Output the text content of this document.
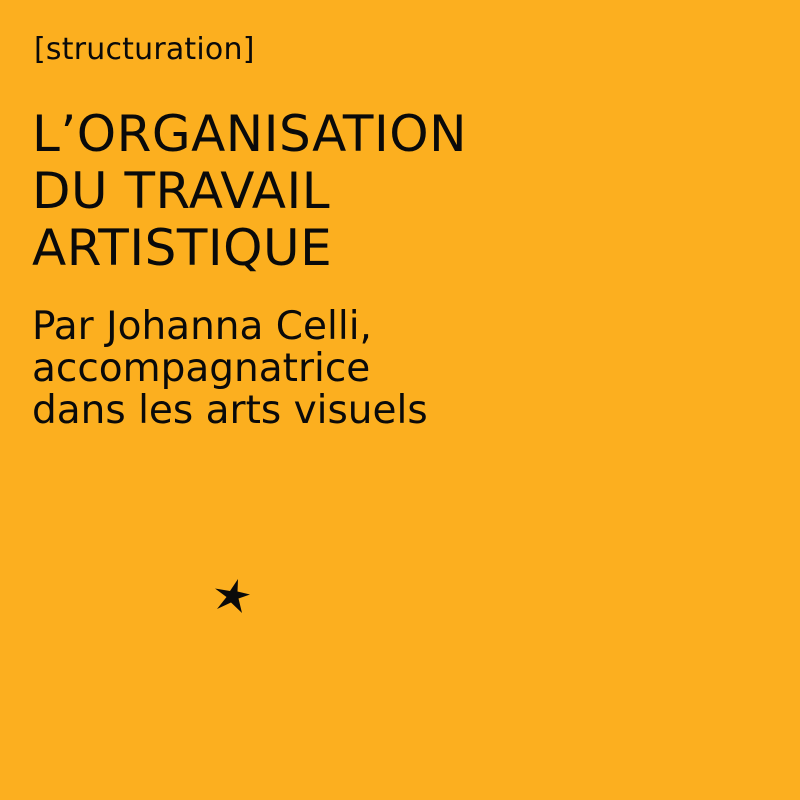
[structuration]
L’ORGANISATION
DU TRAVAIL
ARTISTIQUE
Par Johanna Celli,
accompagnatrice
dans les arts visuels
